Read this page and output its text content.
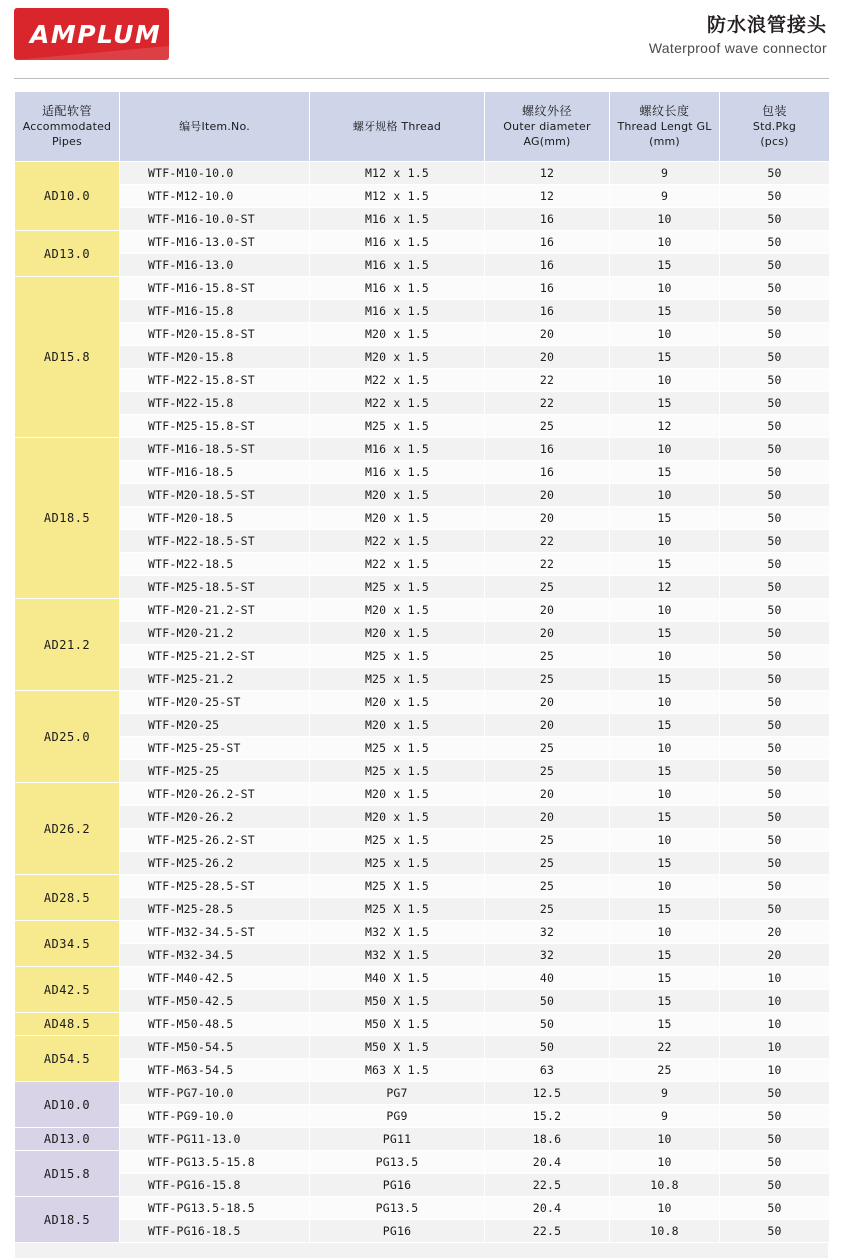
AMPLUM	防水浪管接头
Waterproof wave connector
适配软管
Accommodated
Pipes	编号Item.No.	螺牙规格 Thread	螺纹外径
Outer diameter
AG(mm)	螺纹长度
Thread Lengt GL
(mm)	包装
Std.Pkg
(pcs)

AD10.0	WTF-M10-10.0	M12 x 1.5	12	9	50
	WTF-M12-10.0	M12 x 1.5	12	9	50
	WTF-M16-10.0-ST	M16 x 1.5	16	10	50
AD13.0	WTF-M16-13.0-ST	M16 x 1.5	16	10	50
	WTF-M16-13.0	M16 x 1.5	16	15	50
AD15.8	WTF-M16-15.8-ST	M16 x 1.5	16	10	50
	WTF-M16-15.8	M16 x 1.5	16	15	50
	WTF-M20-15.8-ST	M20 x 1.5	20	10	50
	WTF-M20-15.8	M20 x 1.5	20	15	50
	WTF-M22-15.8-ST	M22 x 1.5	22	10	50
	WTF-M22-15.8	M22 x 1.5	22	15	50
	WTF-M25-15.8-ST	M25 x 1.5	25	12	50
AD18.5	WTF-M16-18.5-ST	M16 x 1.5	16	10	50
	WTF-M16-18.5	M16 x 1.5	16	15	50
	WTF-M20-18.5-ST	M20 x 1.5	20	10	50
	WTF-M20-18.5	M20 x 1.5	20	15	50
	WTF-M22-18.5-ST	M22 x 1.5	22	10	50
	WTF-M22-18.5	M22 x 1.5	22	15	50
	WTF-M25-18.5-ST	M25 x 1.5	25	12	50
AD21.2	WTF-M20-21.2-ST	M20 x 1.5	20	10	50
	WTF-M20-21.2	M20 x 1.5	20	15	50
	WTF-M25-21.2-ST	M25 x 1.5	25	10	50
	WTF-M25-21.2	M25 x 1.5	25	15	50
AD25.0	WTF-M20-25-ST	M20 x 1.5	20	10	50
	WTF-M20-25	M20 x 1.5	20	15	50
	WTF-M25-25-ST	M25 x 1.5	25	10	50
	WTF-M25-25	M25 x 1.5	25	15	50
AD26.2	WTF-M20-26.2-ST	M20 x 1.5	20	10	50
	WTF-M20-26.2	M20 x 1.5	20	15	50
	WTF-M25-26.2-ST	M25 x 1.5	25	10	50
	WTF-M25-26.2	M25 x 1.5	25	15	50
AD28.5	WTF-M25-28.5-ST	M25 X 1.5	25	10	50
	WTF-M25-28.5	M25 X 1.5	25	15	50
AD34.5	WTF-M32-34.5-ST	M32 X 1.5	32	10	20
	WTF-M32-34.5	M32 X 1.5	32	15	20
AD42.5	WTF-M40-42.5	M40 X 1.5	40	15	10
	WTF-M50-42.5	M50 X 1.5	50	15	10
AD48.5	WTF-M50-48.5	M50 X 1.5	50	15	10
AD54.5	WTF-M50-54.5	M50 X 1.5	50	22	10
	WTF-M63-54.5	M63 X 1.5	63	25	10
AD10.0	WTF-PG7-10.0	PG7	12.5	9	50
	WTF-PG9-10.0	PG9	15.2	9	50
AD13.0	WTF-PG11-13.0	PG11	18.6	10	50
AD15.8	WTF-PG13.5-15.8	PG13.5	20.4	10	50
	WTF-PG16-15.8	PG16	22.5	10.8	50
AD18.5	WTF-PG13.5-18.5	PG13.5	20.4	10	50
	WTF-PG16-18.5	PG16	22.5	10.8	50
